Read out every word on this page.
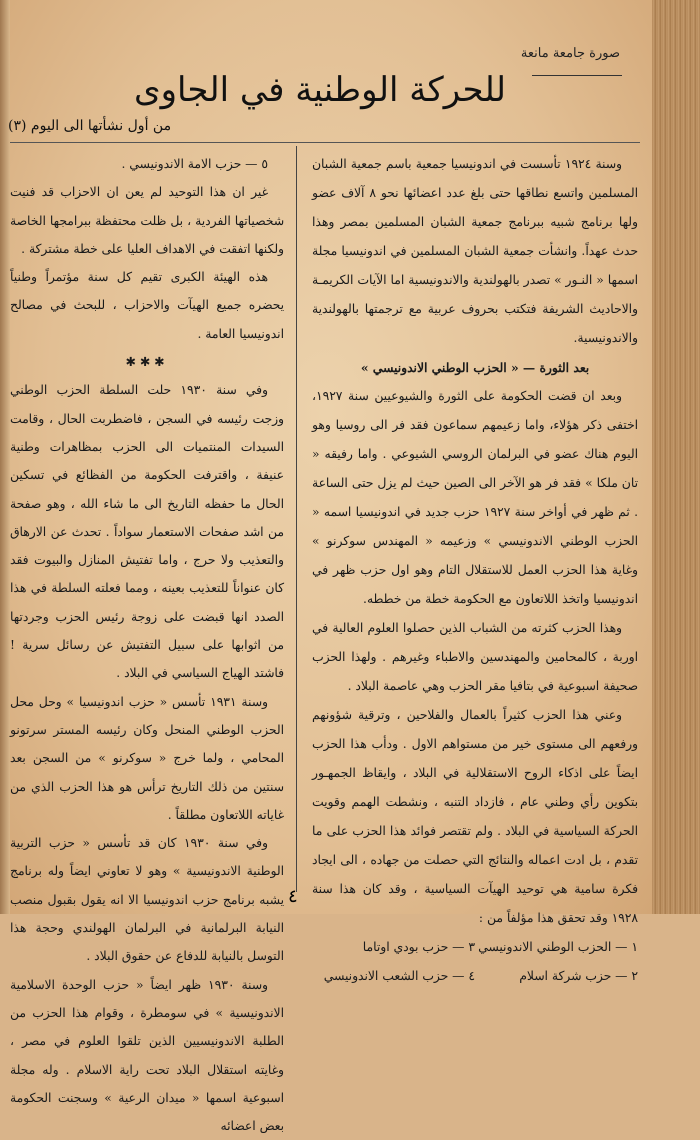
صورة جامعة مانعة
للحركة الوطنية في الجاوى
من أول نشأتها الى اليوم (٣)

وسنة ١٩٢٤ تأسست في اندونيسيا جمعية باسم جمعية الشبان المسلمين واتسع نطاقها حتى بلغ عدد اعضائها نحو ٨ آلاف عضو ولها برنامج شبيه ببرنامج جمعية الشبان المسلمين بمصر وهذا حدث عهداً. وانشأت جمعية الشبان المسلمين في اندونيسيا مجلة اسمها « النـور » تصدر بالهولندية والاندونيسية اما الآيات الكريمـة والاحاديث الشريفة فتكتب بحروف عربية مع ترجمتها بالهولندية والاندونيسية.

بعد الثورة — « الحزب الوطني الاندونيسي »

وبعد ان قضت الحكومة على الثورة والشيوعيين سنة ١٩٢٧، اختفى ذكر هؤلاء، واما زعيمهم سماعون فقد فر الى روسيا وهو اليوم هناك عضو في البرلمان الروسي الشيوعي . واما رفيقه « تان ملكا » فقد فر هو الآخر الى الصين حيث لم يزل حتى الساعة . ثم ظهر في أواخر سنة ١٩٢٧ حزب جديد في اندونيسيا اسمه « الحزب الوطني الاندونيسي » وزعيمه « المهندس سوكرنو » وغاية هذا الحزب العمل للاستقلال التام وهو اول حزب ظهر في اندونيسيا واتخذ اللاتعاون مع الحكومة خطة من خططه.

وهذا الحزب كثرته من الشباب الذين حصلوا العلوم العالية في اوربة ، كالمحامين والمهندسين والاطباء وغيرهم . ولهذا الحزب صحيفة اسبوعية في بتافيا مقر الحزب وهي عاصمة البلاد .

وعني هذا الحزب كثيراً بالعمال والفلاحين ، وترقية شؤونهم ورفعهم الى مستوى خير من مستواهم الاول . ودأب هذا الحزب ايضاً على اذكاء الروح الاستقلالية في البلاد ، وايقاظ الجمهـور بتكوين رأي وطني عام ، فازداد التنبه ، ونشطت الهمم وقويت الحركة السياسية في البلاد . ولم تقتصر فوائد هذا الحزب على ما تقدم ، بل ادت اعماله والنتائج التي حصلت من جهاده ، الى ايجاد فكرة سامية هي توحيد الهيآت السياسية ، وقد كان هذا سنة ١٩٢٨ وقد تحقق هذا مؤلفاً من :

١ — الحزب الوطني الاندونيسي
٣ — حزب بودي اوتاما
٢ — حزب شركة اسلام
٤ — حزب الشعب الاندونيسي

٥ — حزب الامة الاندونيسي .

غير ان هذا التوحيد لم يعن ان الاحزاب قد فنيت شخصياتها الفردية ، بل ظلت محتفظة ببرامجها الخاصة ولكنها اتفقت في الاهداف العليا على خطة مشتركة .

هذه الهيئة الكبرى تقيم كل سنة مؤتمراً وطنياً يحضره جميع الهيآت والاحزاب ، للبحث في مصالح اندونيسيا العامة .

✱✱✱

وفي سنة ١٩٣٠ حلت السلطة الحزب الوطني وزجت رئيسه في السجن ، فاضطربت الحال ، وقامت السيدات المنتميات الى الحزب بمظاهرات وطنية عنيفة ، واقترفت الحكومة من الفظائع في تسكين الحال ما حفظه التاريخ الى ما شاء الله ، وهو صفحة من اشد صفحات الاستعمار سواداً . تحدث عن الارهاق والتعذيب ولا حرج ، واما تفتيش المنازل والبيوت فقد كان عنواناً للتعذيب بعينه ، ومما فعلته السلطة في هذا الصدد انها قبضت على زوجة رئيس الحزب وجردتها من اثوابها على سبيل التفتيش عن رسائل سرية ! فاشتد الهياج السياسي في البلاد .

وسنة ١٩٣١ تأسس « حزب اندونيسيا » وحل محل الحزب الوطني المنحل وكان رئيسه المستر سرتونو المحامي ، ولما خرج « سوكرنو » من السجن بعد سنتين من ذلك التاريخ ترأس هو هذا الحزب الذي من غاياته اللاتعاون مطلقاً .

وفي سنة ١٩٣٠ كان قد تأسس « حزب التربية الوطنية الاندونيسية » وهو لا تعاوني ايضاً وله برنامج يشبه برنامج حزب اندونيسيا الا انه يقول بقبول منصب النيابة البرلمانية في البرلمان الهولندي وحجة هذا التوسل بالنيابة للدفاع عن حقوق البلاد .

وسنة ١٩٣٠ ظهر ايضاً « حزب الوحدة الاسلامية الاندونيسية » في سومطرة ، وقوام هذا الحزب من الطلبة الاندونيسيين الذين تلقوا العلوم في مصر ، وغايته استقلال البلاد تحت راية الاسلام . وله مجلة اسبوعية اسمها « ميدان الرعية » وسجنت الحكومة بعض اعضائه

٤
